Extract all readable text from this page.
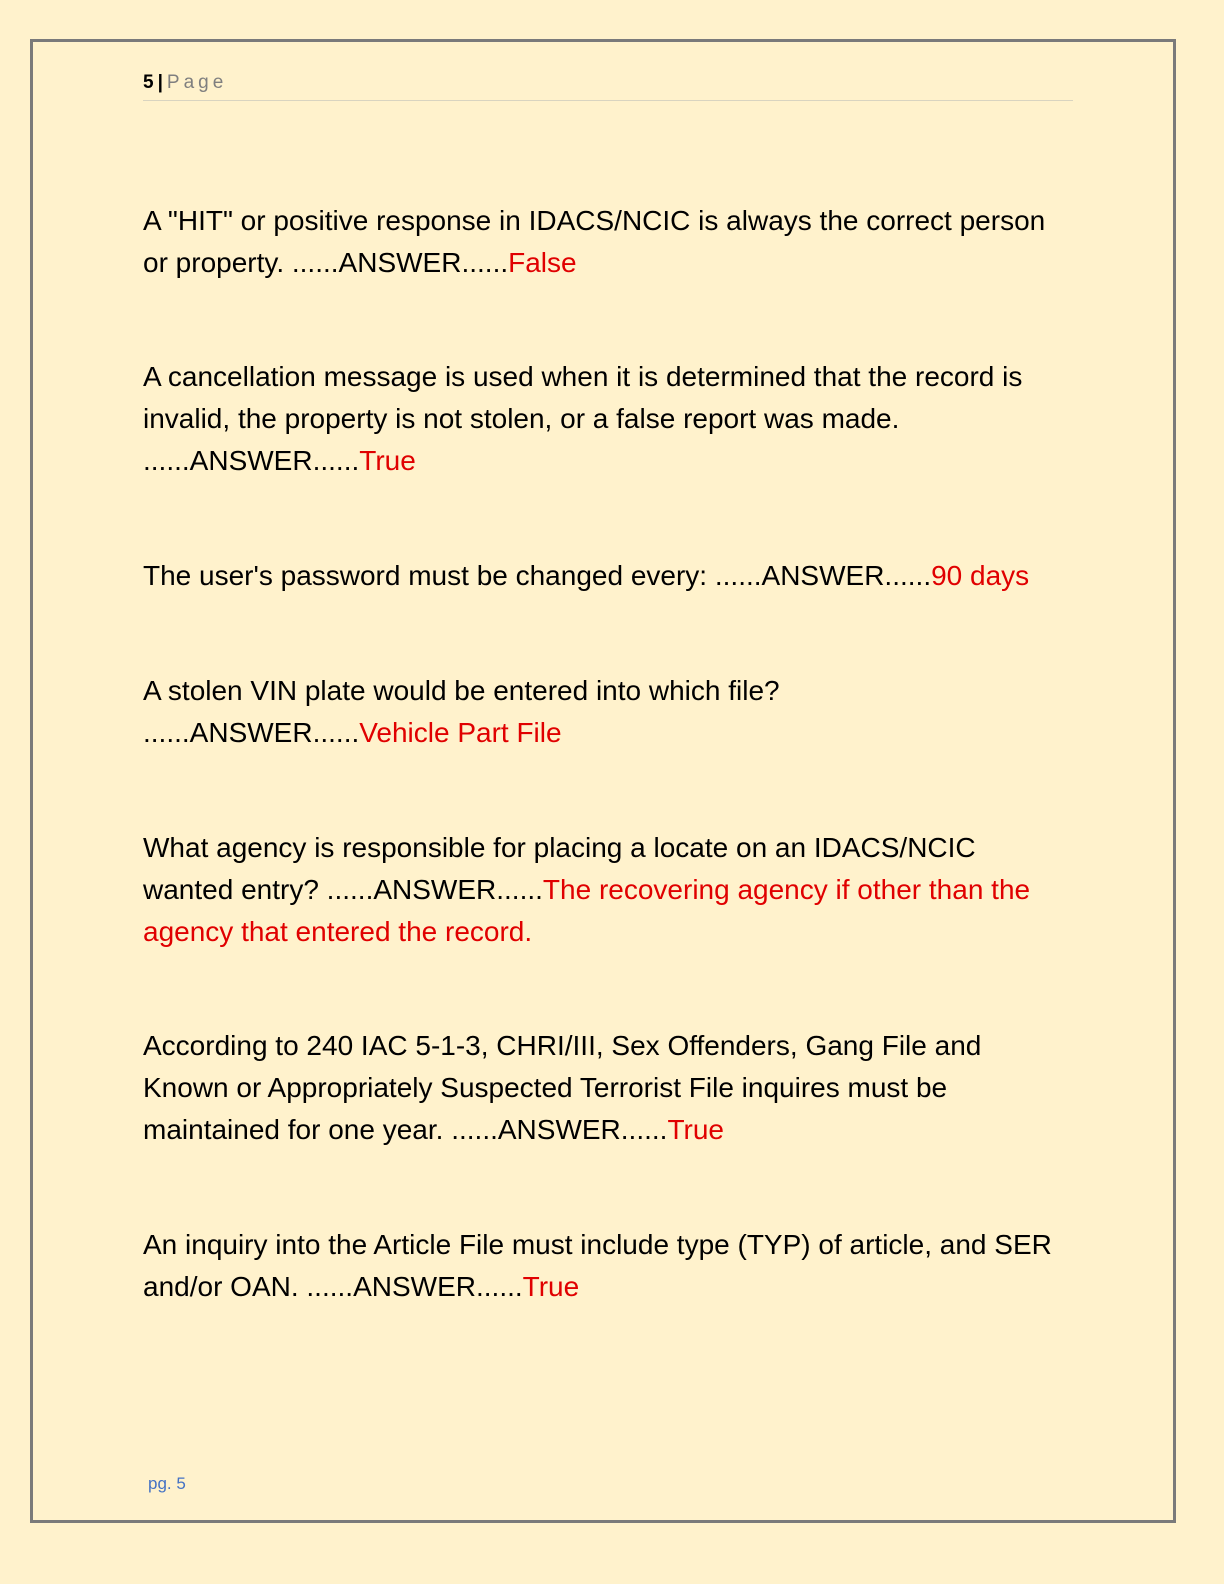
5 | Page
A "HIT" or positive response in IDACS/NCIC is always the correct person or property. ......ANSWER......False
A cancellation message is used when it is determined that the record is invalid, the property is not stolen, or a false report was made. ......ANSWER......True
The user's password must be changed every: ......ANSWER......90 days
A stolen VIN plate would be entered into which file? ......ANSWER......Vehicle Part File
What agency is responsible for placing a locate on an IDACS/NCIC wanted entry? ......ANSWER......The recovering agency if other than the agency that entered the record.
According to 240 IAC 5-1-3, CHRI/III, Sex Offenders, Gang File and Known or Appropriately Suspected Terrorist File inquires must be maintained for one year. ......ANSWER......True
An inquiry into the Article File must include type (TYP) of article, and SER and/or OAN. ......ANSWER......True
pg. 5
